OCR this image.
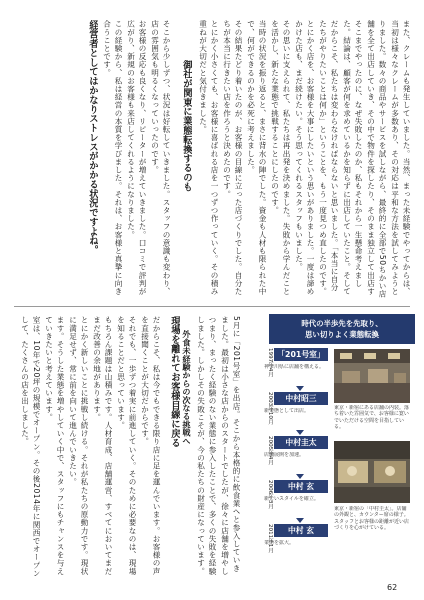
また、クレームも発生していました。当然、まった未経験でやってからは、当初は様々なクレームが多数あり、その対応は平和な方法を試してみようと
りました。数々の商品やサービスを試しながら、最終的に全部で50ちかい店舗を全て出店していき、その中で物件を探したり、そのまま独立して出店す
そこまでやったのに、なぜ失敗したのか、私もそれから一生懸命考えました。結論は、顧客が何を求めているかを知らずに出店していたこと。そして
だからこそ、私たちは変わらなければならないと思いました。「本当に自分たちがやりたいことは何か」ということを、もう一度見つめ直したのです。
とにかく店を、お客様を大事にしたいという思いがありました。一度は諦めかけた店も、まだ続けたい。そう思ってくれるスタッフもいました。
その思いに支えられて、私たちは再出発を決めました。失敗から学んだことを活かし、新たな業態で挑戦することにしたのです。
当時の状況を振り返ると、まさに背水の陣でした。資金も人材も限られた中で、何ができるのかを必死に考えました。
その結果たどり着いたのが、お客様の目線に立った店づくりでした。自分たちが本当に行きたい店を作ろうと決めたのです。
とにかく小さくても、お客様に喜ばれる店を一つずつ作っていく。その積み重ねが大切だと気付きました。
御社が関東に業態転換するのも
そこから少しずつ、状況は好転していきました。スタッフの意識も変わり、店の雰囲気も明るくなっていったのです。
お客様の反応も良くなり、リピーターが増えていきました。口コミで評判が広がり、新規のお客様も来店してくれるようになりました。
この経験から、私は経営の本質を学びました。それは、お客様と真摯に向き合うことです。
経営者としてはかなりストレスがかかる状況ですよね。
室は、10年で20坪の規模でオープン。その後2014年に関西でオープンして、たくさんの店を出しました。	ます。そうした業態を増やしていく中で、スタッフにもチャンスを与えていきたいと考えています。	とにかく新しいことに挑戦し続ける。それが私たちの原動力です。現状に満足せず、常に前を向いて進んでいきたい。	もちろん課題は山積みです。人材育成、店舗運営、すべてにおいてまだまだ改善の余地があります。	それでも、一歩ずつ着実に前進していく。そのために必要なのは、現場を知ることだと思っています。	だからこそ、私は今でもできる限り店に足を運んでいます。お客様の声を直接聞くことが大切だからです。	現場を離れてお客様目線に戻る 外食未経験からの次なる挑戦へ	つまり、まったく経験のない業態に参入したことで、多くの失敗を経験しました。しかしその失敗こそが、今の私たちの財産になっています。	5月に「201号室」を出店。そこから本格的に飲食業へと参入していきました。最初は小さな店からのスタートでしたが、徐々に店舗を増やし
時代の半歩先を先取り、
思い切りよく業態転換
1997年4月 「201号室」
神奈川県に店舗を構える。
2003年10月	中村昭三
新業態として出店。
2005年4月	中村圭太
店舗展開を加速。
2006年3月	中村 玄
新しいスタイルを確立。
2011年1月	中村 玄
業態を拡大。
東京・新宿にある店舗の内装。落ち着いた雰囲気で、お客様に寛いでいただける空間を目指している。
東京・新宿の「中村圭太」。店舗の外観と、カウンター席の様子。スタッフとお客様の距離が近い店づくりを心がけている。
62
